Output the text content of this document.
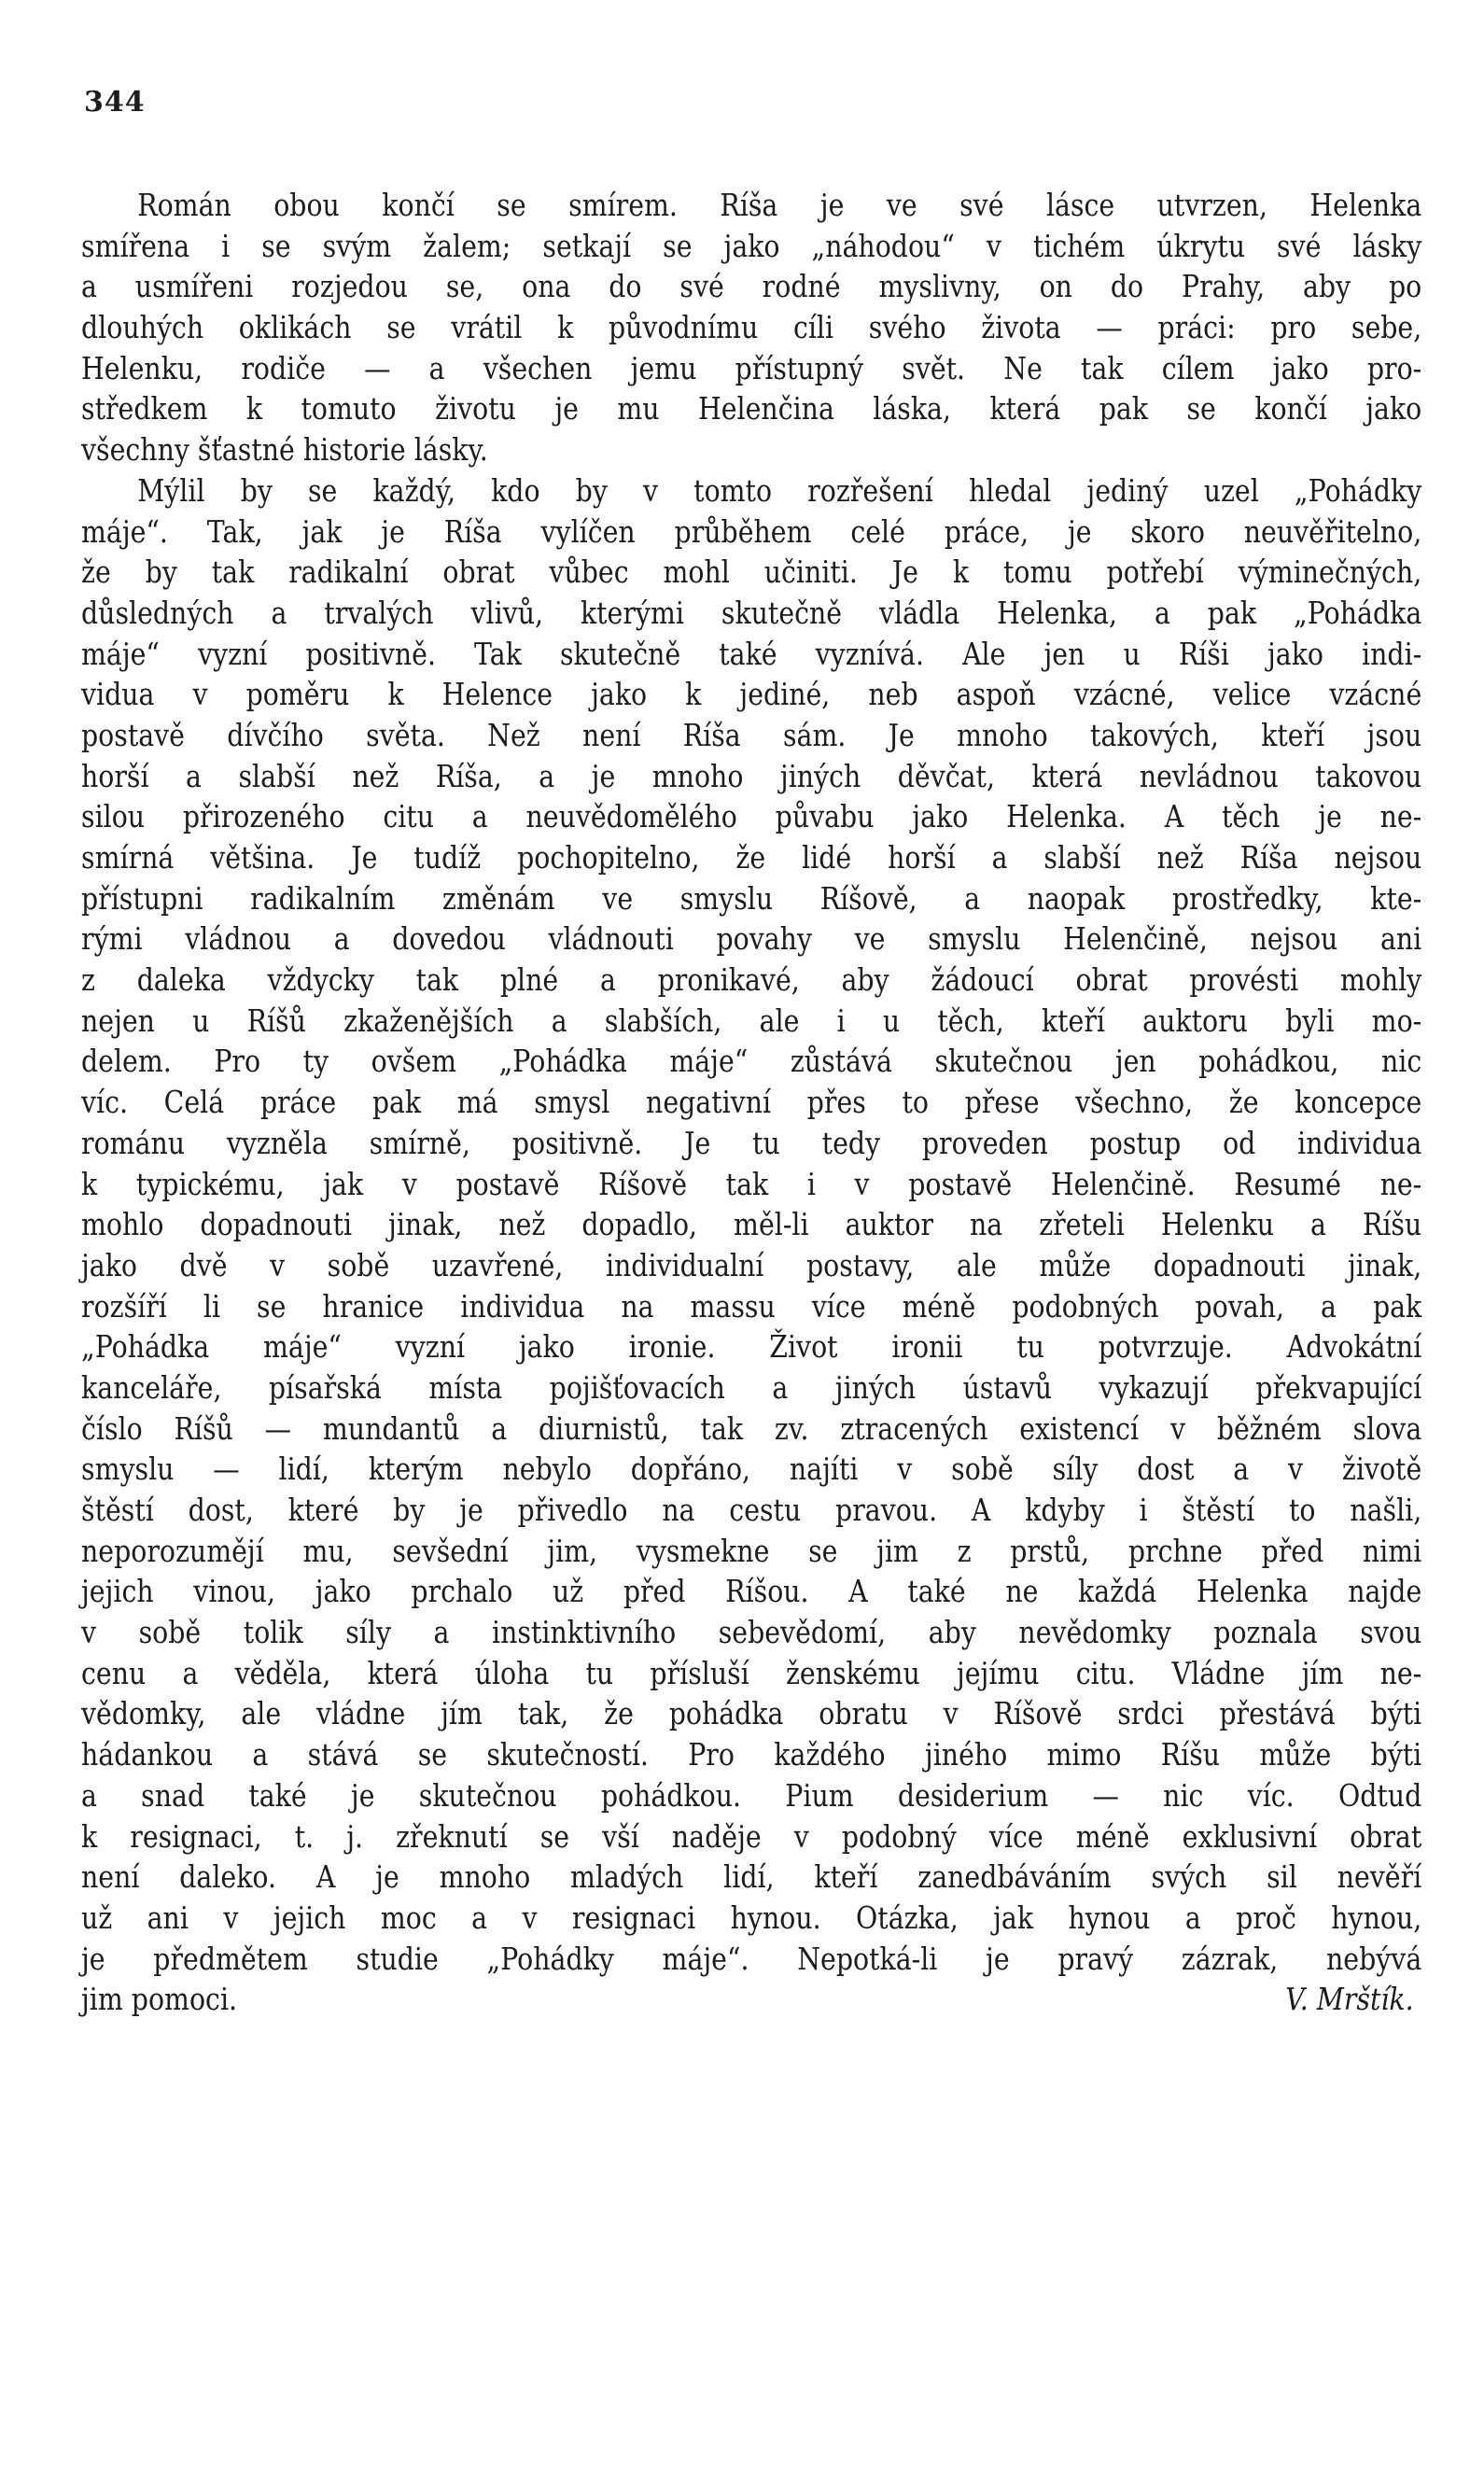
344
Román obou končí se smírem. Ríša je ve své lásce utvrzen, Helenka
smířena i se svým žalem; setkají se jako „náhodou“ v tichém úkrytu své lásky
a usmířeni rozjedou se, ona do své rodné myslivny, on do Prahy, aby po
dlouhých oklikách se vrátil k původnímu cíli svého života — práci: pro sebe,
Helenku, rodiče — a všechen jemu přístupný svět. Ne tak cílem jako pro-
středkem k tomuto životu je mu Helenčina láska, která pak se končí jako
všechny šťastné historie lásky.
Mýlil by se každý, kdo by v tomto rozřešení hledal jediný uzel „Pohádky
máje“. Tak, jak je Ríša vylíčen průběhem celé práce, je skoro neuvěřitelno,
že by tak radikalní obrat vůbec mohl učiniti. Je k tomu potřebí výminečných,
důsledných a trvalých vlivů, kterými skutečně vládla Helenka, a pak „Pohádka
máje“ vyzní positivně. Tak skutečně také vyznívá. Ale jen u Ríši jako indi-
vidua v poměru k Helence jako k jediné, neb aspoň vzácné, velice vzácné
postavě dívčího světa. Než není Ríša sám. Je mnoho takových, kteří jsou
horší a slabší než Ríša, a je mnoho jiných děvčat, která nevládnou takovou
silou přirozeného citu a neuvědomělého půvabu jako Helenka. A těch je ne-
smírná většina. Je tudíž pochopitelno, že lidé horší a slabší než Ríša nejsou
přístupni radikalním změnám ve smyslu Ríšově, a naopak prostředky, kte-
rými vládnou a dovedou vládnouti povahy ve smyslu Helenčině, nejsou ani
z daleka vždycky tak plné a pronikavé, aby žádoucí obrat provésti mohly
nejen u Ríšů zkaženějších a slabších, ale i u těch, kteří auktoru byli mo-
delem. Pro ty ovšem „Pohádka máje“ zůstává skutečnou jen pohádkou, nic
víc. Celá práce pak má smysl negativní přes to přese všechno, že koncepce
románu vyzněla smírně, positivně. Je tu tedy proveden postup od individua
k typickému, jak v postavě Ríšově tak i v postavě Helenčině. Resumé ne-
mohlo dopadnouti jinak, než dopadlo, měl-li auktor na zřeteli Helenku a Ríšu
jako dvě v sobě uzavřené, individualní postavy, ale může dopadnouti jinak,
rozšíří li se hranice individua na massu více méně podobných povah, a pak
„Pohádka máje“ vyzní jako ironie. Život ironii tu potvrzuje. Advokátní
kanceláře, písařská místa pojišťovacích a jiných ústavů vykazují překvapující
číslo Ríšů — mundantů a diurnistů, tak zv. ztracených existencí v běžném slova
smyslu — lidí, kterým nebylo dopřáno, najíti v sobě síly dost a v životě
štěstí dost, které by je přivedlo na cestu pravou. A kdyby i štěstí to našli,
neporozumějí mu, sevšední jim, vysmekne se jim z prstů, prchne před nimi
jejich vinou, jako prchalo už před Ríšou. A také ne každá Helenka najde
v sobě tolik síly a instinktivního sebevědomí, aby nevědomky poznala svou
cenu a věděla, která úloha tu přísluší ženskému jejímu citu. Vládne jím ne-
vědomky, ale vládne jím tak, že pohádka obratu v Ríšově srdci přestává býti
hádankou a stává se skutečností. Pro každého jiného mimo Ríšu může býti
a snad také je skutečnou pohádkou. Pium desiderium — nic víc. Odtud
k resignaci, t. j. zřeknutí se vší naděje v podobný více méně exklusivní obrat
není daleko. A je mnoho mladých lidí, kteří zanedbáváním svých sil nevěří
už ani v jejich moc a v resignaci hynou. Otázka, jak hynou a proč hynou,
je předmětem studie „Pohádky máje“. Nepotká-li je pravý zázrak, nebývá
jim pomoci.	V. Mrštík.
